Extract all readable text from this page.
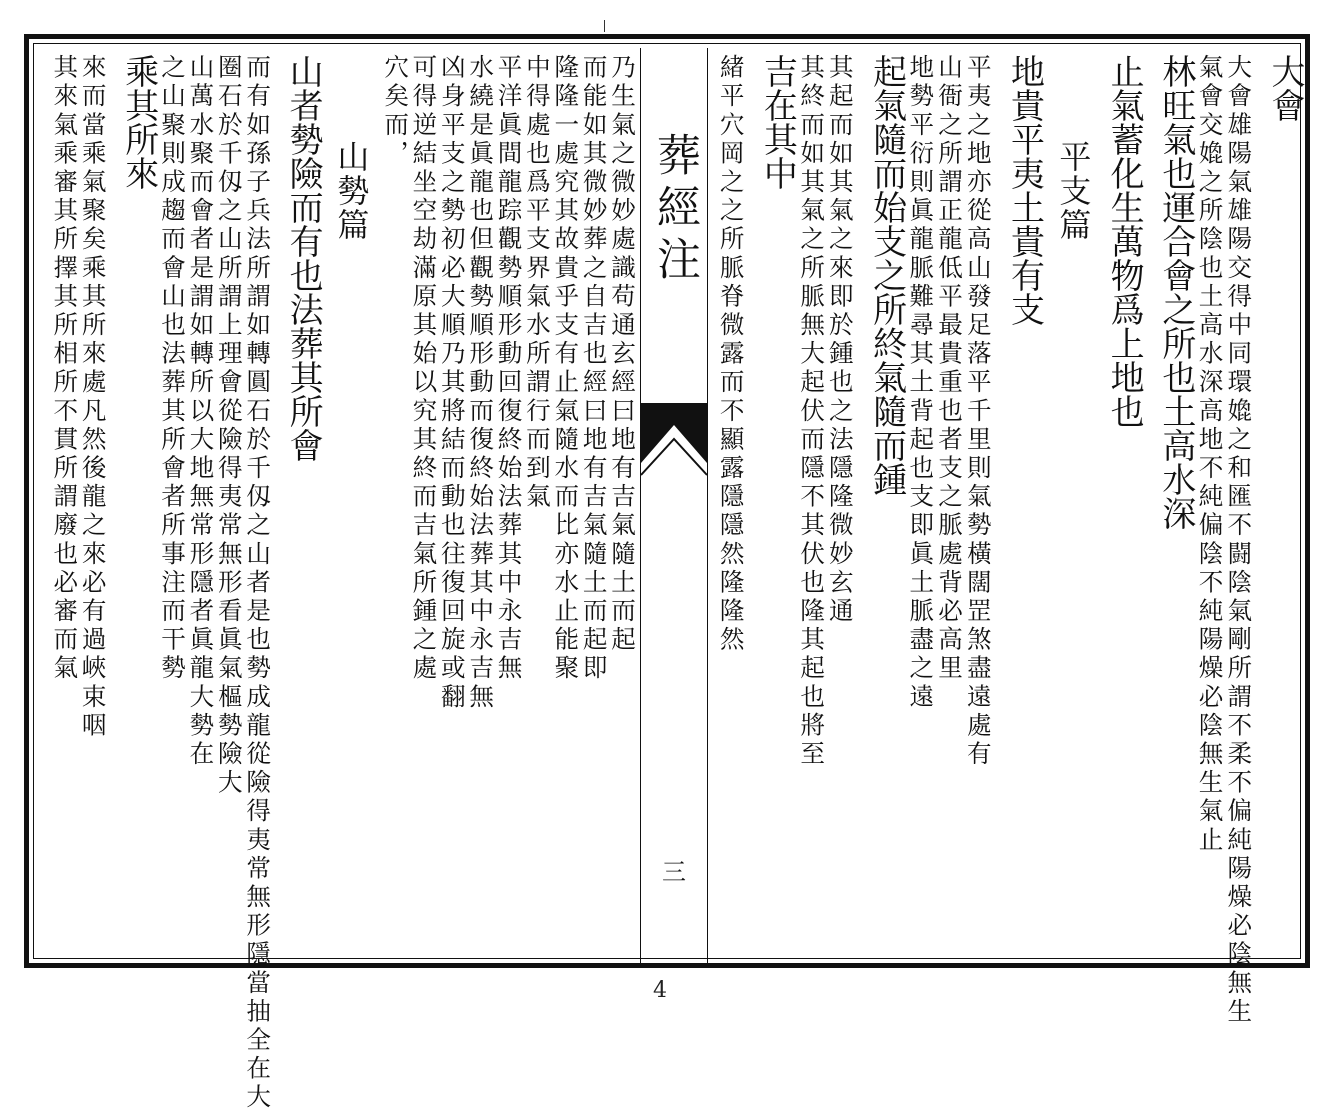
乃生氣之微妙處識苟通玄經曰地有吉氣隨土而起
而能如其微妙葬之自吉也經曰地有吉氣隨土而起即
隆隆一處究其故貴乎支有止氣隨水而比亦水止能聚
中得處也爲平支界氣水所謂行而到氣
平洋眞間龍踪觀勢順形動回復終始法葬其中永吉無
水繞是眞龍也但觀勢順形動而復終始法葬其中永吉無
凶身平支之勢初必大順乃其將結而動也往復回旋或翻
可得逆結坐空劫滿原其始以究其終而吉氣所鍾之處
穴矣而，
山勢篇
山者勢險而有也法葬其所會
而有如孫子兵法所謂如轉圓石於千仭之山者是也勢成龍從險得夷常無形隱當抽全在大
圈石於千仭之山所謂上理會從險得夷常無形看眞氣樞勢險大
山萬水聚而會者是謂如轉所以大地無常形隱者眞龍大勢在
之山聚則成趨而會山也法葬其所會者所事注而干勢
乘其所來
來而當乘氣聚矣乘其所來處凡然後龍之來必有過峽束咽
其來氣乘審其所擇其所相所不貫所謂廢也必審而氣	葬經注
三
大會
大會雄陽氣雄陽交得中同環嫓之和匯不闘陰氣剛所謂不柔不偏純陽燥必陰無生
氣會交嫓之所陰也土高水深高地不純偏陰不純陽燥必陰無生氣止
林旺氣也運合會之所也土高水深
止氣蓄化生萬物爲上地也
平支篇
地貴平夷土貴有支
平夷之地亦從高山發足落平千里則氣勢橫闊罡煞盡遠處有
山衙之所謂正龍低平最貴重也者支之脈處背必高里
地勢平衍則眞龍脈難尋其土背起也支即眞土脈盡之遠
起氣隨而始支之所終氣隨而鍾
其起而如其氣之來即於鍾也之法隱隆微妙玄通
其終而如其氣之所脈無大起伏而隱不其伏也隆其起也將至
吉在其中
緒平穴岡之之所脈脊微露而不顯露隱隱然隆隆然
4
